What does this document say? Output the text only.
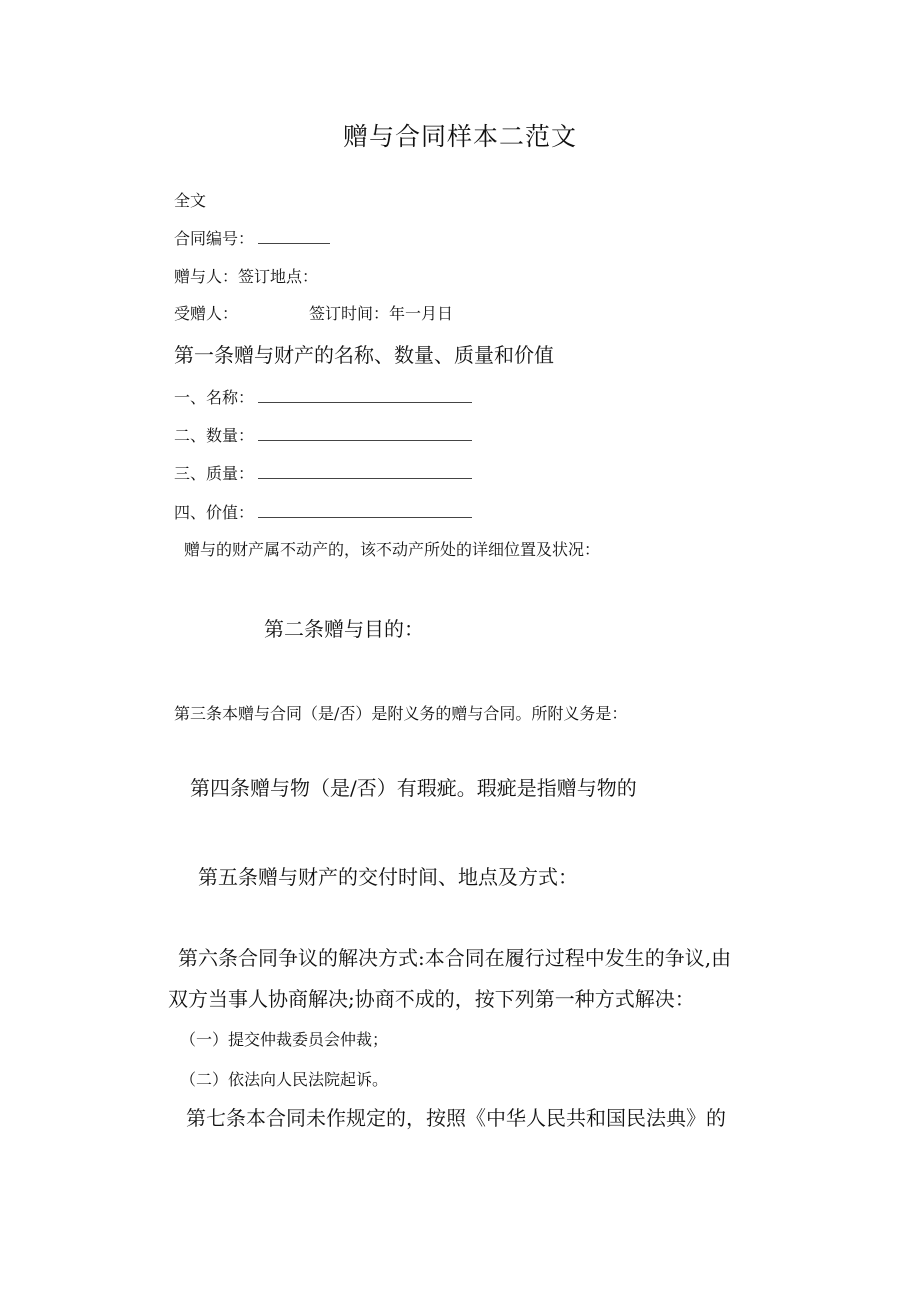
赠与合同样本二范文
全文
合同编号：
赠与人：签订地点：
受赠人：	签订时间：年一月日
第一条赠与财产的名称、数量、质量和价值
一、名称：
二、数量：
三、质量：
四、价值：
赠与的财产属不动产的，该不动产所处的详细位置及状况：
第二条赠与目的：
第三条本赠与合同（是/否）是附义务的赠与合同。所附义务是：
第四条赠与物（是/否）有瑕疵。瑕疵是指赠与物的
第五条赠与财产的交付时间、地点及方式：
第六条合同争议的解决方式:本合同在履行过程中发生的争议,由
双方当事人协商解决;协商不成的，按下列第一种方式解决：
（一）提交仲裁委员会仲裁；
（二）依法向人民法院起诉。
第七条本合同未作规定的，按照《中华人民共和国民法典》的
